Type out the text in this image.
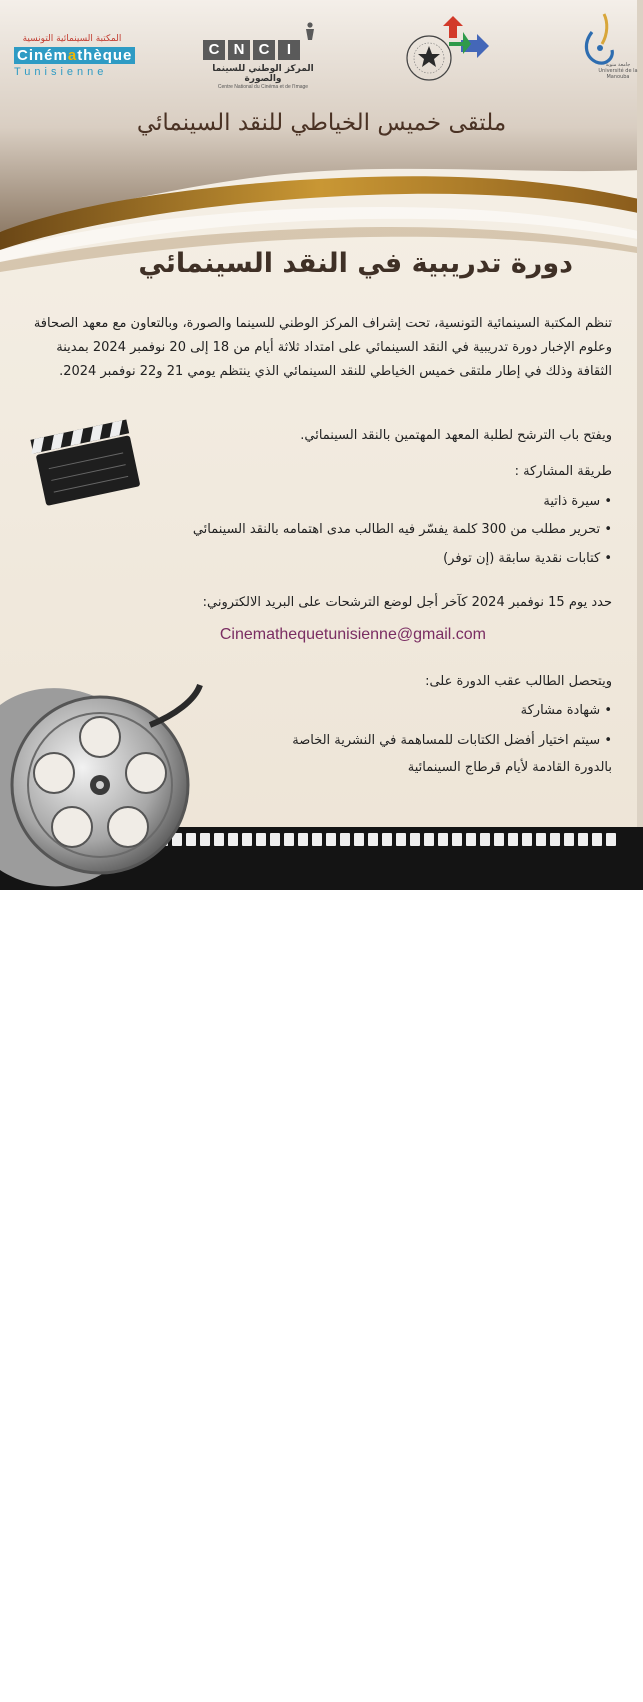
المكتبة السينمائية التونسية
Cinémathèque
Tunisienne
C N C	I
المركز الوطني للسينما والصورة
Centre National du Cinéma et de l'Image
جامعة منوبة Université de la Manouba
ملتقى خميس الخياطي للنقد السينمائي
دورة تدريبية في النقد السينمائي
تنظم المكتبة السينمائية التونسية، تحت إشراف المركز الوطني للسينما والصورة، وبالتعاون مع معهد الصحافة وعلوم الإخبار دورة تدريبية في النقد السينمائي على امتداد ثلاثة أيام من 18 إلى 20 نوفمبر 2024 بمدينة الثقافة وذلك في إطار ملتقى خميس الخياطي للنقد السينمائي الذي ينتظم يومي 21 و22 نوفمبر 2024.
ويفتح باب الترشح لطلبة المعهد المهتمين بالنقد السينمائي.
طريقة المشاركة :
• سيرة ذاتية
• تحرير مطلب من 300 كلمة يفسّر فيه الطالب مدى اهتمامه بالنقد السينمائي
• كتابات نقدية سابقة (إن توفر)
حدد يوم 15 نوفمبر 2024 كآخر أجل لوضع الترشحات على البريد الالكتروني:
Cinemathequetunisienne@gmail.com
ويتحصل الطالب عقب الدورة على:
• شهادة مشاركة
• سيتم اختيار أفضل الكتابات للمساهمة في النشرية الخاصة
بالدورة القادمة لأيام قرطاج السينمائية
لمزيد من المعلومات يرجى الاتصال: بالسيدة سعاد الطرابلسي، مصلحة الترّصات - ط1
